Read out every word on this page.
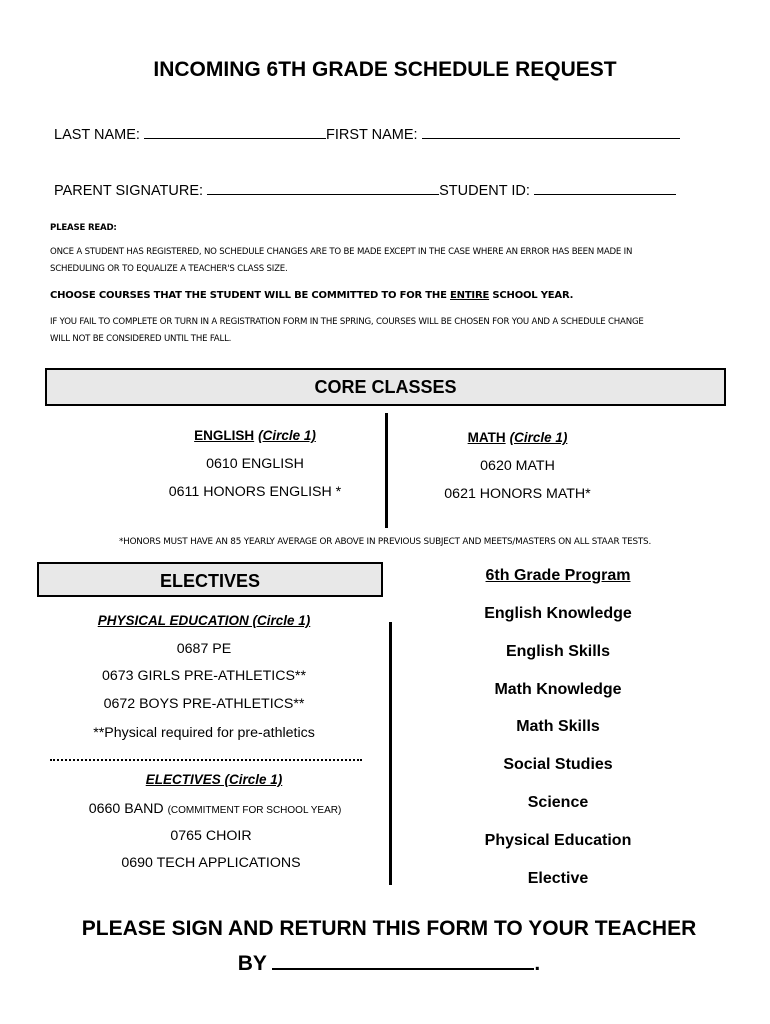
INCOMING 6TH GRADE SCHEDULE REQUEST
LAST NAME:	FIRST NAME:
PARENT SIGNATURE:	STUDENT ID:
PLEASE READ:
ONCE A STUDENT HAS REGISTERED, NO SCHEDULE CHANGES ARE TO BE MADE EXCEPT IN THE CASE WHERE AN ERROR HAS BEEN MADE IN
SCHEDULING OR TO EQUALIZE A TEACHER'S CLASS SIZE.
CHOOSE COURSES THAT THE STUDENT WILL BE COMMITTED TO FOR THE ENTIRE SCHOOL YEAR.
IF YOU FAIL TO COMPLETE OR TURN IN A REGISTRATION FORM IN THE SPRING, COURSES WILL BE CHOSEN FOR YOU AND A SCHEDULE CHANGE
WILL NOT BE CONSIDERED UNTIL THE FALL.
CORE CLASSES
ENGLISH (Circle 1)
0610 ENGLISH
0611 HONORS ENGLISH *
MATH (Circle 1)
0620 MATH
0621 HONORS MATH*
*HONORS MUST HAVE AN 85 YEARLY AVERAGE OR ABOVE IN PREVIOUS SUBJECT AND MEETS/MASTERS ON ALL STAAR TESTS.
ELECTIVES
PHYSICAL EDUCATION (Circle 1)
0687 PE
0673 GIRLS PRE-ATHLETICS**
0672 BOYS PRE-ATHLETICS**
**Physical required for pre-athletics
ELECTIVES (Circle 1)
0660 BAND (COMMITMENT FOR SCHOOL YEAR)
0765 CHOIR
0690 TECH APPLICATIONS
6th Grade Program
English Knowledge
English Skills
Math Knowledge
Math Skills
Social Studies
Science
Physical Education
Elective
PLEASE SIGN AND RETURN THIS FORM TO YOUR TEACHER
BY	.
